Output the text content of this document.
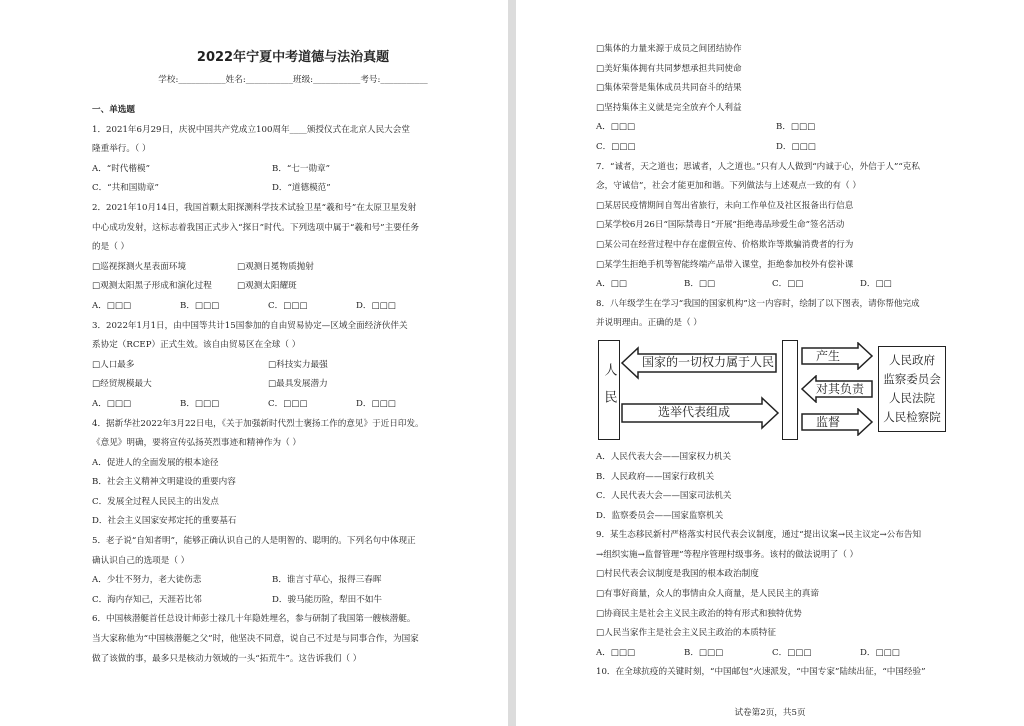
2022年宁夏中考道德与法治真题
学校:___________姓名:___________班级:___________考号:___________
一、单选题
1．2021年6月29日，庆祝中国共产党成立100周年____颁授仪式在北京人民大会堂
隆重举行。（ ）
A．“时代楷模”	B．“七一勋章”
C．“共和国勋章”	D．“道德模范”
2．2021年10月14日，我国首颗太阳探测科学技术试验卫星“羲和号”在太原卫星发射
中心成功发射，这标志着我国正式步入“探日”时代。下列选项中属于“羲和号”主要任务
的是（ ）
□巡视探测火星表面环境	□观测日冕物质抛射
□观测太阳黑子形成和演化过程	□观测太阳耀斑
A．□□□	B．□□□	C．□□□	D．□□□
3．2022年1月1日，由中国等共计15国参加的自由贸易协定—区域全面经济伙伴关
系协定（RCEP）正式生效。该自由贸易区在全球（ ）
□人口最多	□科技实力最强
□经贸规模最大	□最具发展潜力
A．□□□	B．□□□	C．□□□	D．□□□
4．据新华社2022年3月22日电，《关于加强新时代烈士褒扬工作的意见》于近日印发。
《意见》明确，要将宣传弘扬英烈事迹和精神作为（ ）
A．促进人的全面发展的根本途径
B．社会主义精神文明建设的重要内容
C．发展全过程人民民主的出发点
D．社会主义国家安邦定托的重要基石
5．老子说“自知者明”，能够正确认识自己的人是明智的、聪明的。下列名句中体现正
确认识自己的选项是（ ）
A．少壮不努力，老大徒伤悲	B．谁言寸草心，报得三春晖
C．海内存知己，天涯若比邻	D．骏马能历险，犁田不如牛
6．中国核潜艇首任总设计师彭士禄几十年隐姓埋名，参与研制了我国第一艘核潜艇。
当大家称他为“中国核潜艇之父”时，他坚决不同意，说自己不过是与同事合作，为国家
做了该做的事，最多只是核动力领域的一头“拓荒牛”。这告诉我们（ ）
□集体的力量来源于成员之间团结协作
□美好集体拥有共同梦想承担共同使命
□集体荣誉是集体成员共同奋斗的结果
□坚持集体主义就是完全放弃个人利益
A．□□□	B．□□□
C．□□□	D．□□□
7．“诚者，天之道也；思诚者，人之道也。”只有人人做到“内诚于心，外信于人”“克私
念，守诚信”，社会才能更加和谐。下列做法与上述观点一致的有（ ）
□某居民疫情期间自驾出省旅行，未向工作单位及社区报备出行信息
□某学校6月26日“国际禁毒日”开展“拒绝毒品珍爱生命”签名活动
□某公司在经营过程中存在虚假宣传、价格欺诈等欺骗消费者的行为
□某学生拒绝手机等智能终端产品带入课堂，拒绝参加校外有偿补课
A．□□	B．□□	C．□□	D．□□
8．八年级学生在学习“我国的国家机构”这一内容时，绘制了以下图表，请你帮他完成
并说明理由。正确的是（ ）
人民
国家的一切权力属于人民
选举代表组成
产生
对其负责
监督
人民政府
监察委员会
人民法院
人民检察院
A．人民代表大会——国家权力机关
B．人民政府——国家行政机关
C．人民代表大会——国家司法机关
D．监察委员会——国家监察机关
9．某生态移民新村严格落实村民代表会议制度，通过“提出议案→民主议定→公布告知
→组织实施→监督管理”等程序管理村级事务。该村的做法说明了（ ）
□村民代表会议制度是我国的根本政治制度
□有事好商量，众人的事情由众人商量，是人民民主的真谛
□协商民主是社会主义民主政治的特有形式和独特优势
□人民当家作主是社会主义民主政治的本质特征
A．□□□	B．□□□	C．□□□	D．□□□
10．在全球抗疫的关键时刻，“中国邮包”火速派发，“中国专家”陆续出征，“中国经验”
试卷第2页，共5页
